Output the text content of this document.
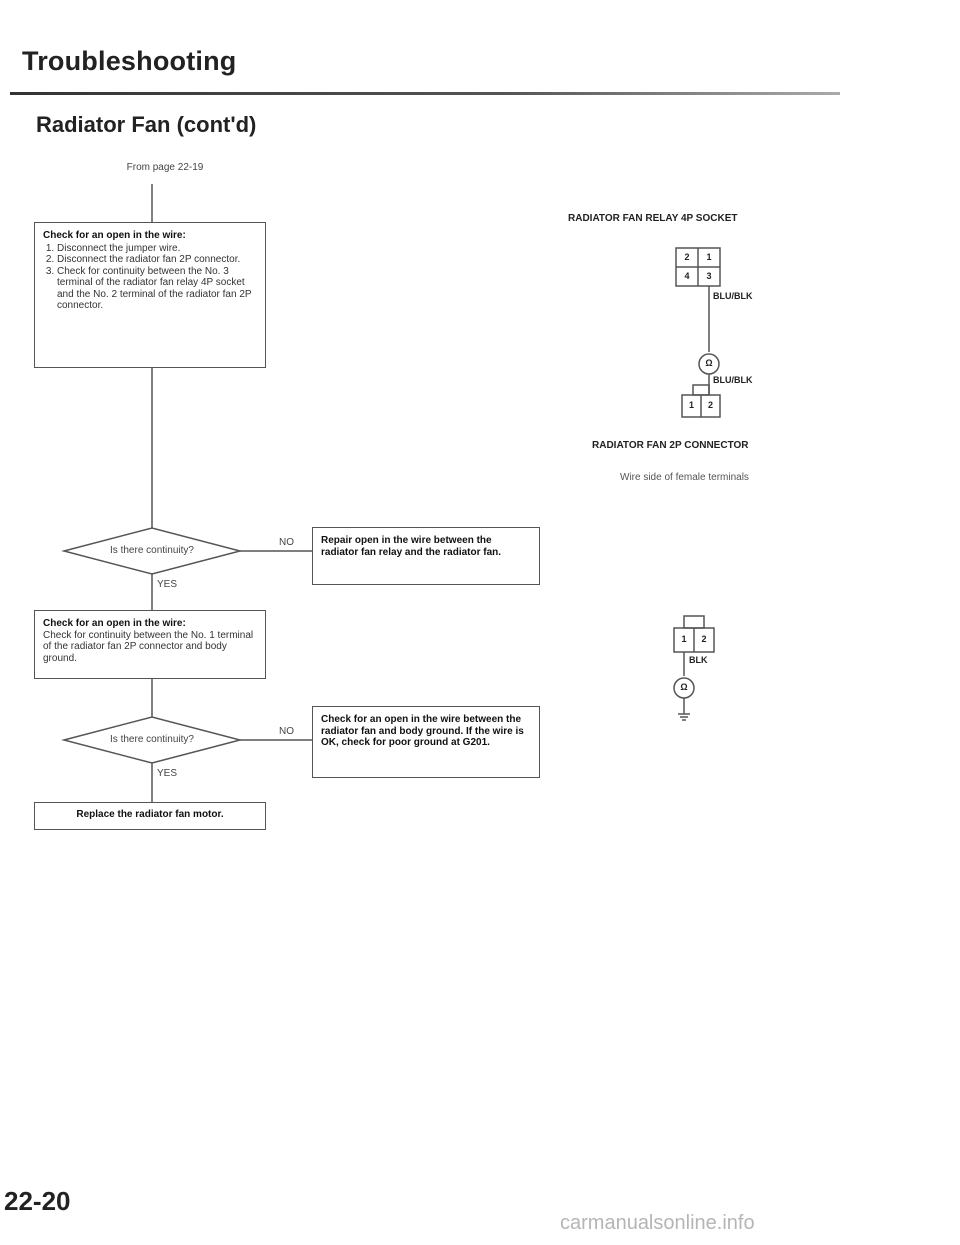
Troubleshooting
Radiator Fan (cont'd)
From page 22-19
Check for an open in the wire:
1. Disconnect the jumper wire.
2. Disconnect the radiator fan 2P connector.
3. Check for continuity between the No. 3 terminal of the radiator fan relay 4P socket and the No. 2 terminal of the radiator fan 2P connector.
Is there continuity?
NO
YES
Repair open in the wire between the radiator fan relay and the radiator fan.
Check for an open in the wire:
Check for continuity between the No. 1 terminal of the radiator fan 2P connector and body ground.
Is there continuity?
NO
YES
Check for an open in the wire between the radiator fan and body ground. If the wire is OK, check for poor ground at G201.
Replace the radiator fan motor.
RADIATOR FAN RELAY 4P SOCKET
2	1
4	3
BLU/BLK
Ω
BLU/BLK
1	2
RADIATOR FAN 2P CONNECTOR
Wire side of female terminals
1	2
BLK
Ω
22-20
carmanualsonline.info
